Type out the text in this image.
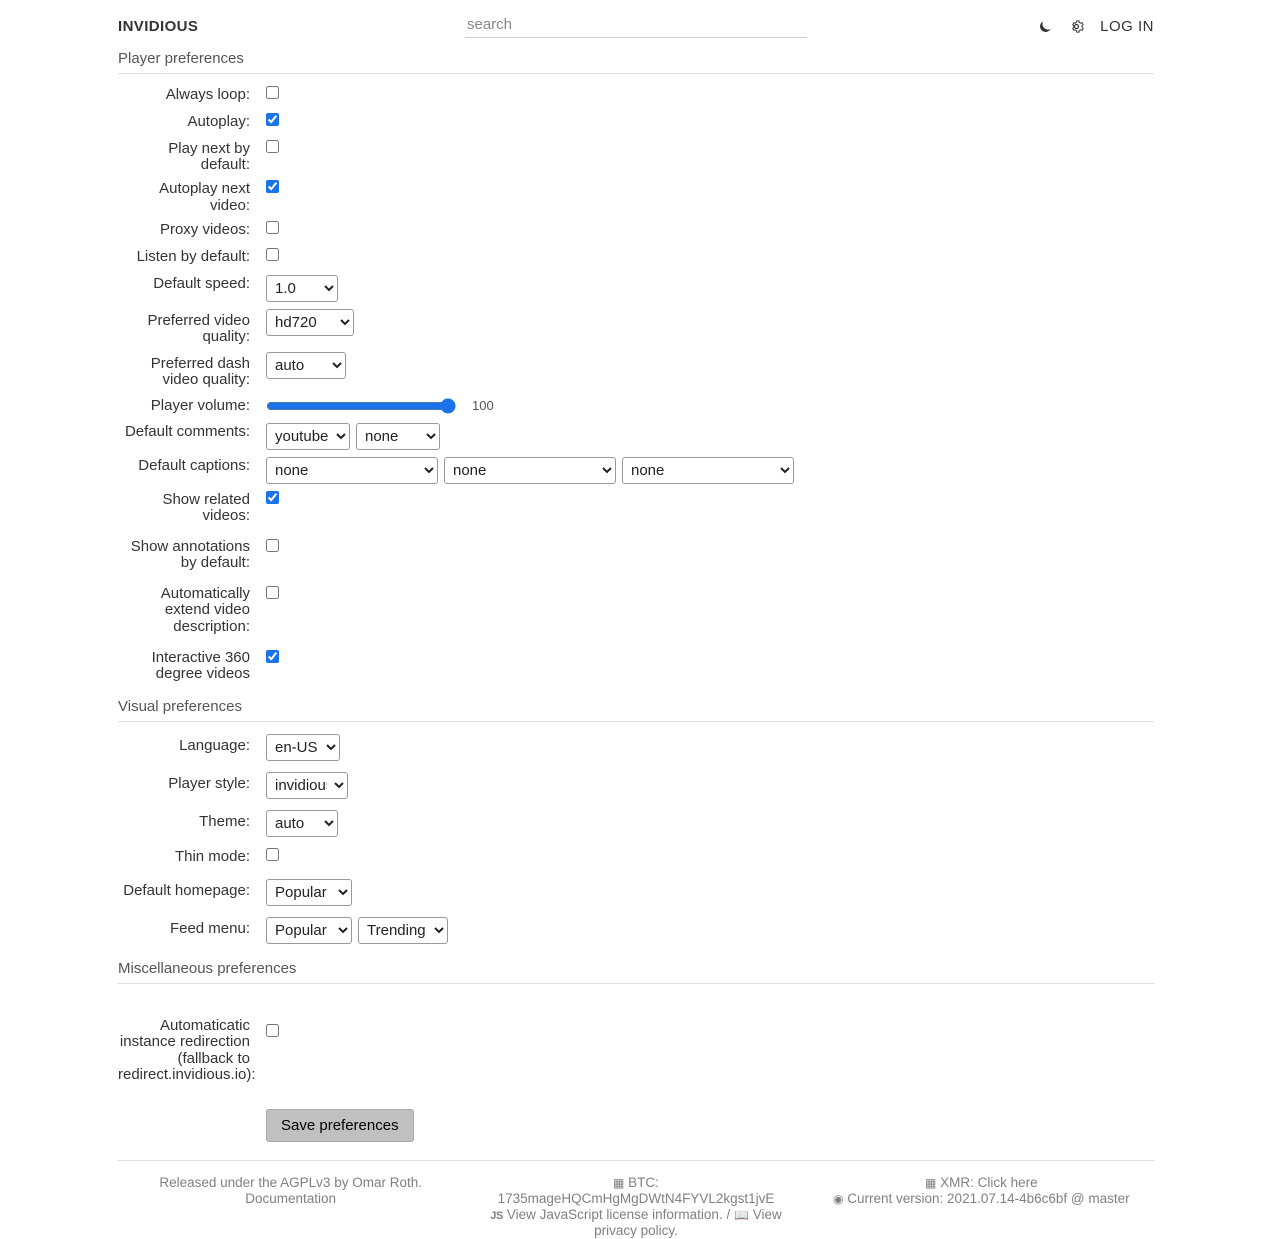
INVIDIOUS
search	LOG IN
Player preferences
Always loop:
Autoplay:
Play next by default:
Autoplay next video:
Proxy videos:
Listen by default:
Default speed:
1.0
Preferred video quality:
hd720
Preferred dash video quality:
auto
Player volume:	100
Default comments:
youtube
none
Default captions:
none
none
none
Show related videos:
Show annotations by default:
Automatically extend video description:
Interactive 360 degree videos
Visual preferences
Language:
en-US
Player style:
invidious
Theme:
auto
Thin mode:
Default homepage:
Popular
Feed menu:
Popular
Trending
Miscellaneous preferences
Automaticatic instance redirection (fallback to redirect.invidious.io):
Save preferences
Released under the AGPLv3 by Omar Roth.
Documentation
▦ BTC: 1735mageHQCmHgMgDWtN4FYVL2kgst1jvE
JS View JavaScript license information. / 📖 View privacy policy.
▦ XMR: Click here
◉ Current version: 2021.07.14-4b6c6bf @ master
